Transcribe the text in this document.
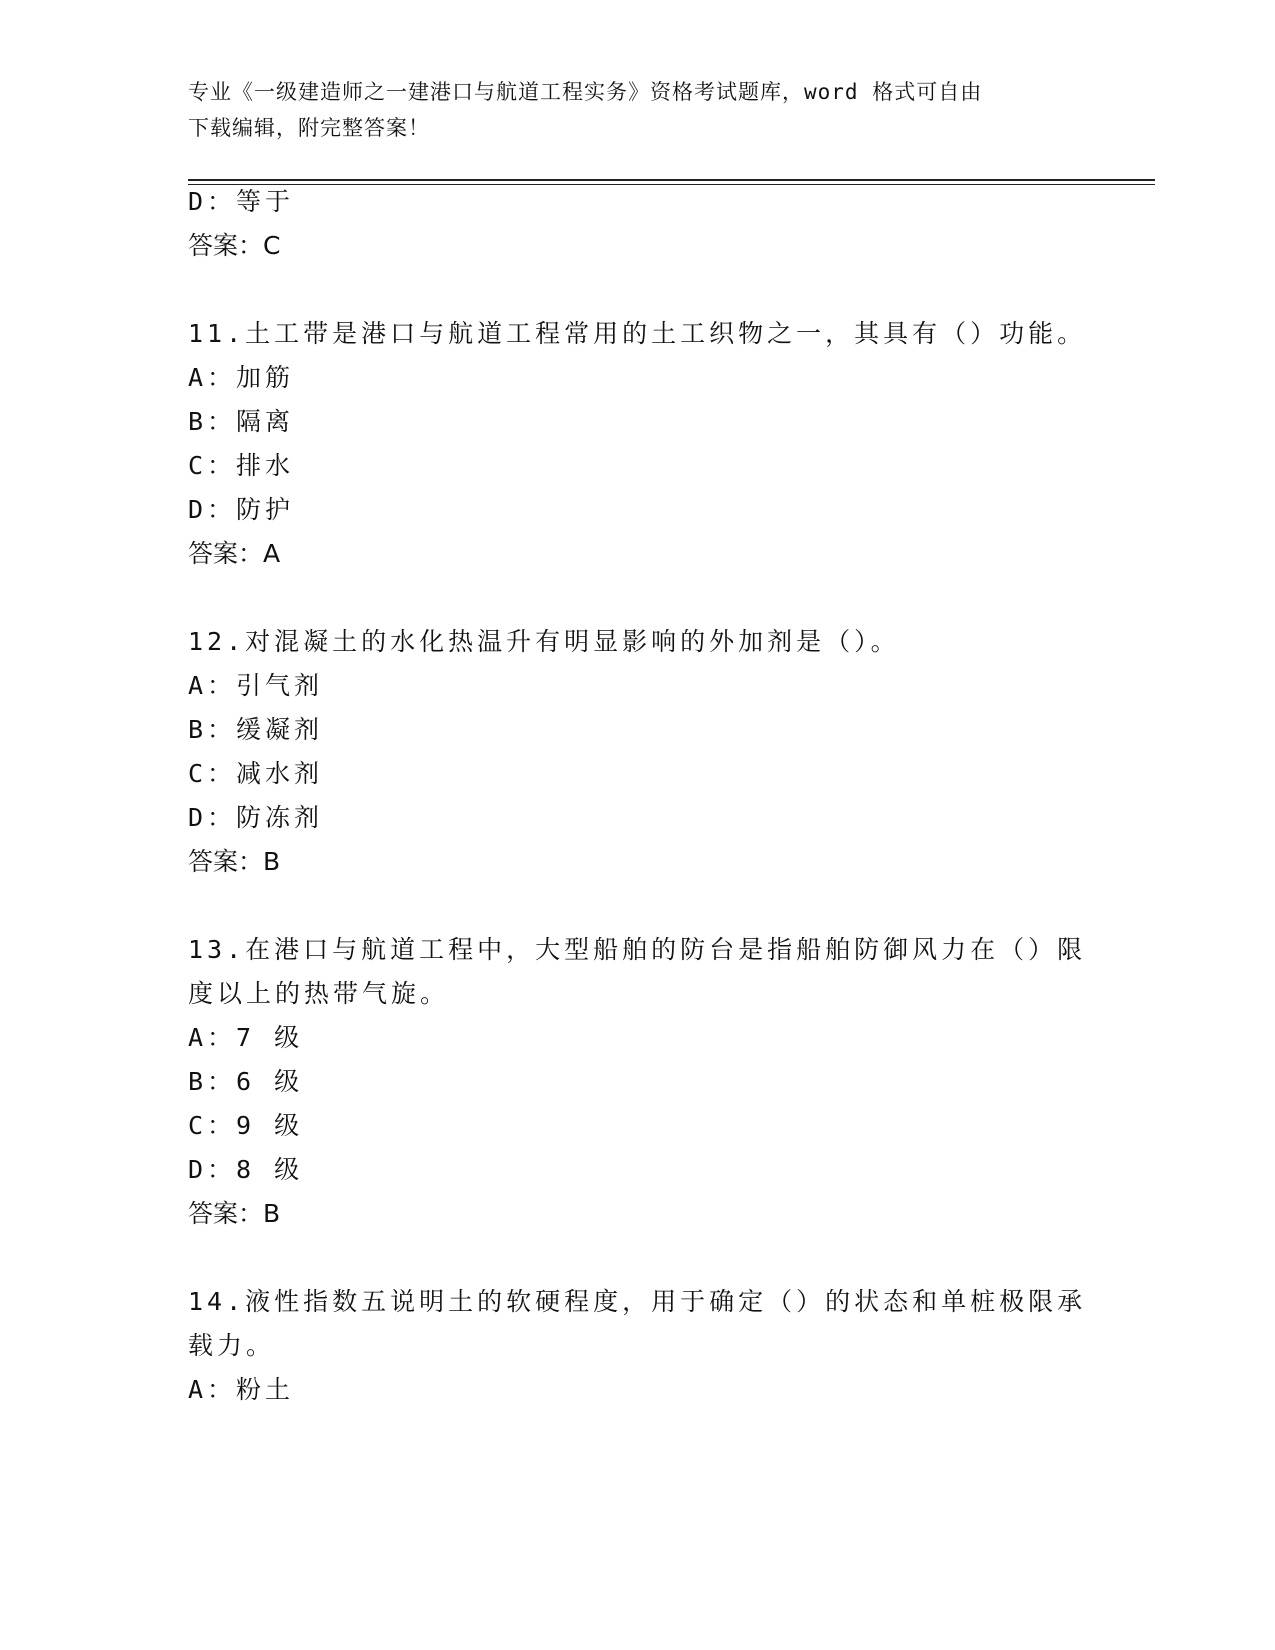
专业《一级建造师之一建港口与航道工程实务》资格考试题库，word 格式可自由
下载编辑，附完整答案！
D：等于
答案：C
11.土工带是港口与航道工程常用的土工织物之一，其具有（）功能。
A：加筋
B：隔离
C：排水
D：防护
答案：A
12.对混凝土的水化热温升有明显影响的外加剂是（）。
A：引气剂
B：缓凝剂
C：减水剂
D：防冻剂
答案：B
13.在港口与航道工程中，大型船舶的防台是指船舶防御风力在（）限
度以上的热带气旋。
A：7 级
B：6 级
C：9 级
D：8 级
答案：B
14.液性指数五说明土的软硬程度，用于确定（）的状态和单桩极限承
载力。
A：粉土
